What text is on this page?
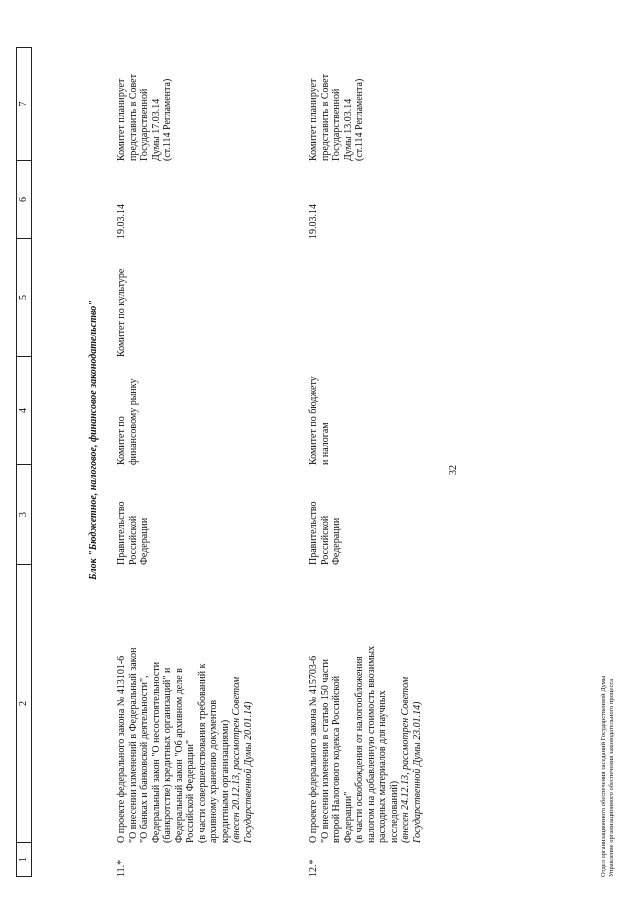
32
1
2
3
4
5
6
7
Блок "Бюджетное, налоговое, финансовое законодательство"
11.*
О проекте федерального закона № 413101-6 "О внесении изменений в Федеральный закон "О банках и банковской деятельности", Федеральный закон "О несостоятельности (банкротстве) кредитных организаций" и Федеральный закон "Об архивном деле в Российской Федерации" (в части совершенствования требований к архивному хранению документов кредитными организациями) (внесен 20.12.13, рассмотрен Советом Государственной Думы 20.01.14)
Правительство Российской Федерации
Комитет по финансовому рынку
Комитет по культуре
19.03.14
Комитет планирует представить в Совет Государственной Думы 17.03.14 (ст.114 Регламента)
12.*
О проекте федерального закона № 415703-6 "О внесении изменения в статью 150 части второй Налогового кодекса Российской Федерации" (в части освобождения от налогообложения налогом на добавленную стоимость ввозимых расходных материалов для научных исследований) (внесен 24.12.13, рассмотрен Советом Государственной Думы 23.01.14)
Правительство Российской Федерации
Комитет по бюджету и налогам
19.03.14
Комитет планирует представить в Совет Государственной Думы 13.03.14 (ст.114 Регламента)
Отдел организационного обеспечения заседаний Государственной Думы Управление организационного обеспечения законодательного процесса
